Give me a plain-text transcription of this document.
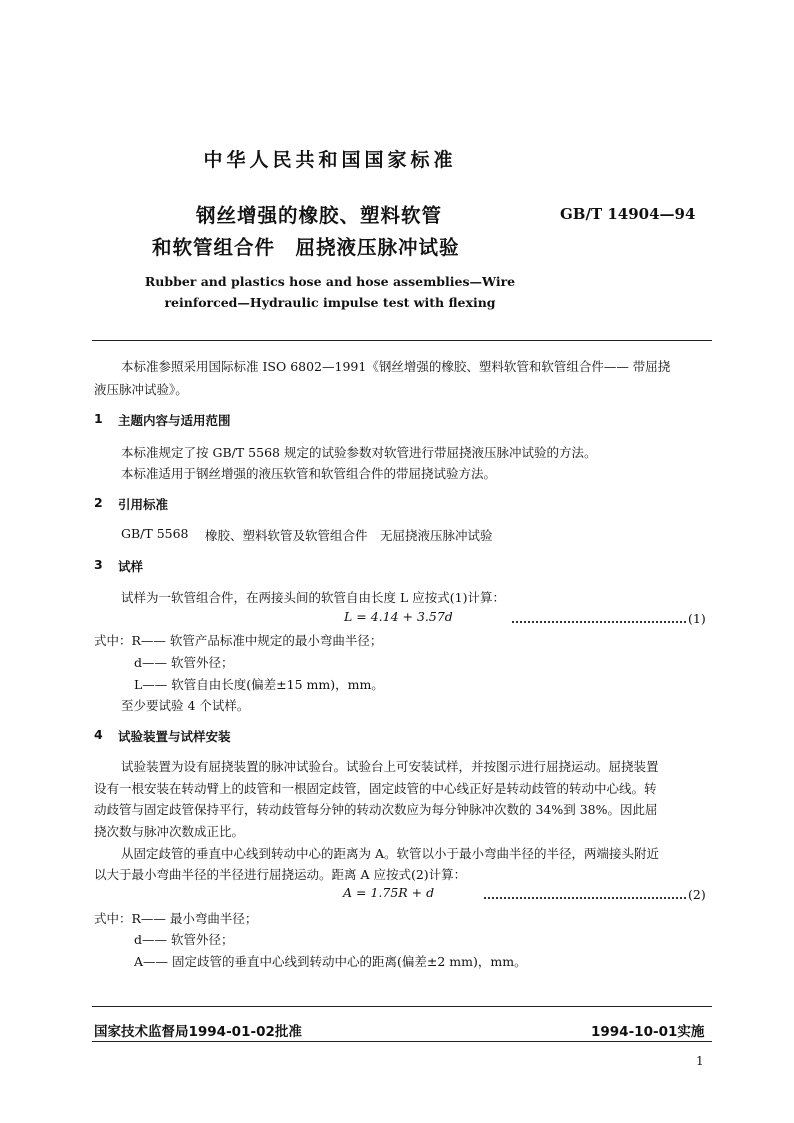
中华人民共和国国家标准
钢丝增强的橡胶、塑料软管	GB/T 14904—94
和软管组合件　屈挠液压脉冲试验
Rubber and plastics hose and hose assemblies—Wire
reinforced—Hydraulic impulse test with flexing
本标准参照采用国际标准 ISO 6802—1991《钢丝增强的橡胶、塑料软管和软管组合件—— 带屈挠
液压脉冲试验》。
1 主题内容与适用范围
本标准规定了按 GB/T 5568 规定的试验参数对软管进行带屈挠液压脉冲试验的方法。
本标准适用于钢丝增强的液压软管和软管组合件的带屈挠试验方法。
2 引用标准
GB/T 5568 橡胶、塑料软管及软管组合件　无屈挠液压脉冲试验
3 试样
试样为一软管组合件，在两接头间的软管自由长度 L 应按式(1)计算：
L = 4.14 + 3.57d	(1)
式中：R—— 软管产品标准中规定的最小弯曲半径；
d—— 软管外径；
L—— 软管自由长度(偏差±15 mm)，mm。
至少要试验 4 个试样。
4 试验装置与试样安装
试验装置为设有屈挠装置的脉冲试验台。试验台上可安装试样，并按图示进行屈挠运动。屈挠装置
设有一根安装在转动臂上的歧管和一根固定歧管，固定歧管的中心线正好是转动歧管的转动中心线。转
动歧管与固定歧管保持平行，转动歧管每分钟的转动次数应为每分钟脉冲次数的 34%到 38%。因此屈
挠次数与脉冲次数成正比。
从固定歧管的垂直中心线到转动中心的距离为 A。软管以小于最小弯曲半径的半径，两端接头附近
以大于最小弯曲半径的半径进行屈挠运动。距离 A 应按式(2)计算：
A = 1.75R + d	(2)
式中：R—— 最小弯曲半径；
d—— 软管外径；
A—— 固定歧管的垂直中心线到转动中心的距离(偏差±2 mm)，mm。
国家技术监督局1994-01-02批准	1994-10-01实施
1
